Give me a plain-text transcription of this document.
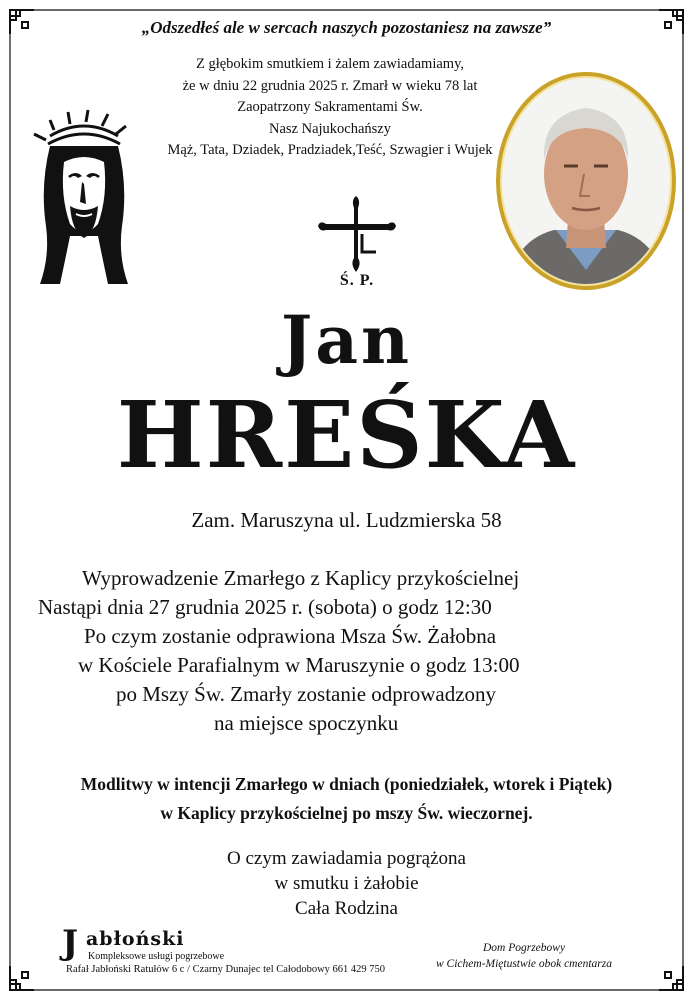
„Odszedłeś ale w sercach naszych pozostaniesz na zawsze”
Z głębokim smutkiem i żalem zawiadamiamy,
że w dniu 22 grudnia 2025 r. Zmarł w wieku 78 lat
Zaopatrzony Sakramentami Św.
Nasz Najukochańszy
Mąż, Tata, Dziadek, Pradziadek,Teść, Szwagier i Wujek
Ś. P.
Jan
HREŚKA
Zam. Maruszyna ul. Ludzmierska 58
Wyprowadzenie Zmarłego z Kaplicy przykościelnej
Nastąpi dnia 27 grudnia 2025 r. (sobota) o godz 12:30
Po czym zostanie odprawiona Msza Św. Żałobna
w Kościele Parafialnym w Maruszynie o godz 13:00
po Mszy Św. Zmarły zostanie odprowadzony
na miejsce spoczynku
Modlitwy w intencji Zmarłego w dniach (poniedziałek, wtorek i Piątek)
w Kaplicy przykościelnej po mszy Św. wieczornej.
O czym zawiadamia pogrążona
w smutku i żałobie
Cała Rodzina
J abłoński
Kompleksowe usługi pogrzebowe
Rafał Jabłoński Ratułów 6 c / Czarny Dunajec tel Całodobowy 661 429 750
Dom Pogrzebowy
w Cichem-Miętustwie obok cmentarza
